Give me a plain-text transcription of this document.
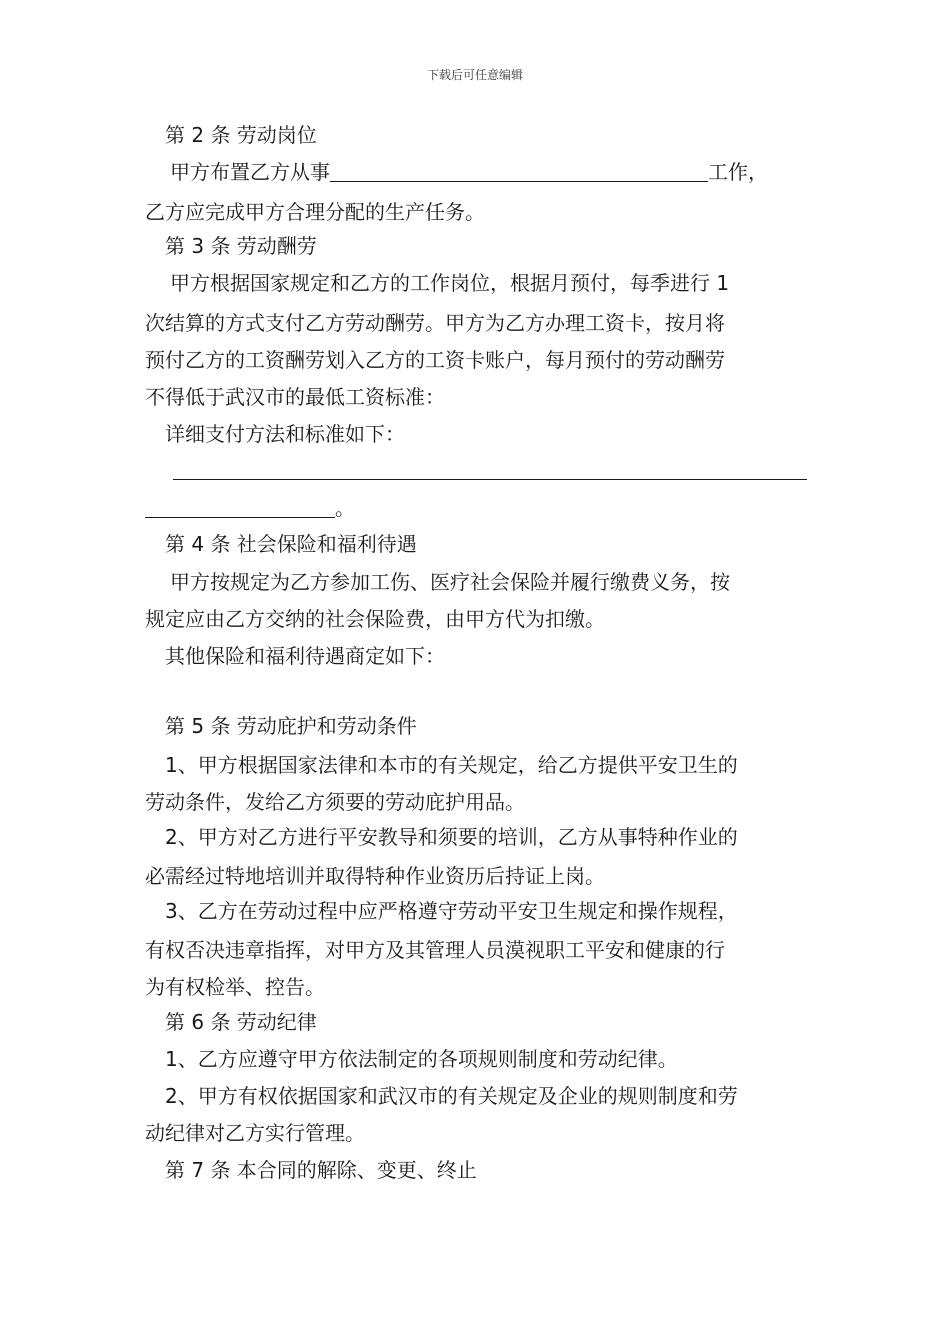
下载后可任意编辑
第 2 条 劳动岗位
甲方布置乙方从事	工作，
乙方应完成甲方合理分配的生产任务。
第 3 条 劳动酬劳
甲方根据国家规定和乙方的工作岗位，根据月预付，每季进行 1
次结算的方式支付乙方劳动酬劳。甲方为乙方办理工资卡，按月将
预付乙方的工资酬劳划入乙方的工资卡账户，每月预付的劳动酬劳
不得低于武汉市的最低工资标准：
详细支付方法和标准如下：
。
第 4 条 社会保险和福利待遇
甲方按规定为乙方参加工伤、医疗社会保险并履行缴费义务，按
规定应由乙方交纳的社会保险费，由甲方代为扣缴。
其他保险和福利待遇商定如下：
第 5 条 劳动庇护和劳动条件
1、甲方根据国家法律和本市的有关规定，给乙方提供平安卫生的
劳动条件，发给乙方须要的劳动庇护用品。
2、甲方对乙方进行平安教导和须要的培训，乙方从事特种作业的
必需经过特地培训并取得特种作业资历后持证上岗。
3、乙方在劳动过程中应严格遵守劳动平安卫生规定和操作规程，
有权否决违章指挥，对甲方及其管理人员漠视职工平安和健康的行
为有权检举、控告。
第 6 条 劳动纪律
1、乙方应遵守甲方依法制定的各项规则制度和劳动纪律。
2、甲方有权依据国家和武汉市的有关规定及企业的规则制度和劳
动纪律对乙方实行管理。
第 7 条 本合同的解除、变更、终止
